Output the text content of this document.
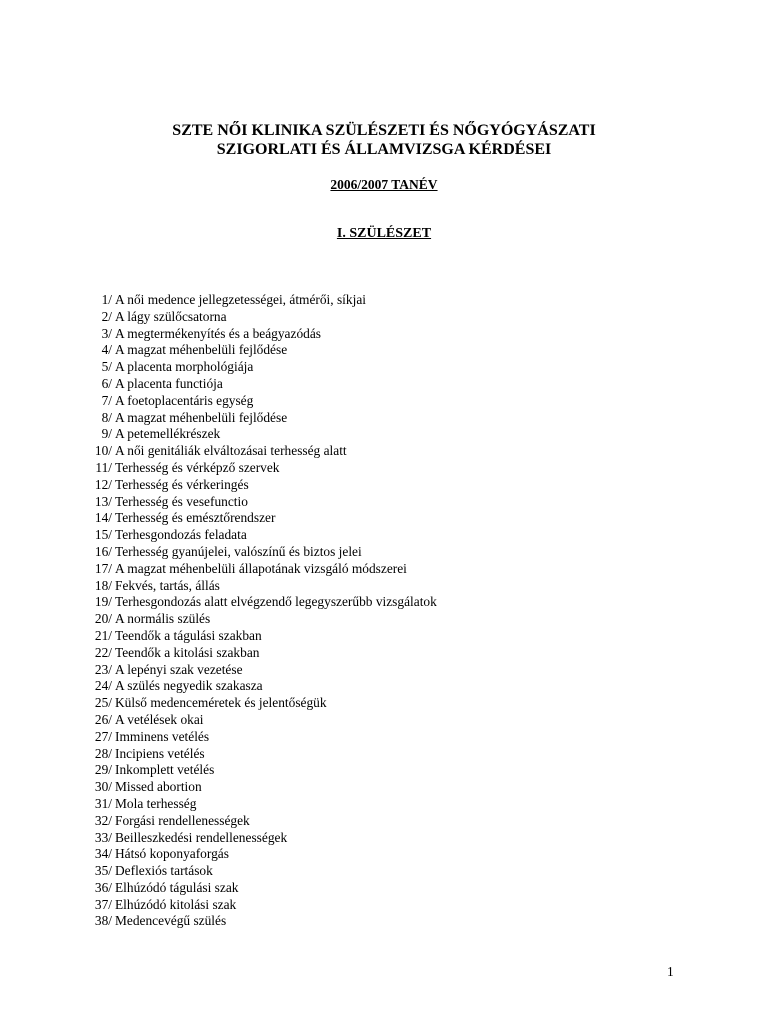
SZTE NŐI KLINIKA SZÜLÉSZETI ÉS NŐGYÓGYÁSZATI
SZIGORLATI ÉS ÁLLAMVIZSGA KÉRDÉSEI
2006/2007 TANÉV
I. SZÜLÉSZET
1/ A női medence jellegzetességei, átmérői, síkjai
2/ A lágy szülőcsatorna
3/ A megtermékenyítés és a beágyazódás
4/ A magzat méhenbelüli fejlődése
5/ A placenta morphológiája
6/ A placenta functiója
7/ A foetoplacentáris egység
8/ A magzat méhenbelüli fejlődése
9/ A petemellékrészek
10/ A női genitáliák elváltozásai terhesség alatt
11/ Terhesség és vérképző szervek
12/ Terhesség és vérkeringés
13/ Terhesség és vesefunctio
14/ Terhesség és emésztőrendszer
15/ Terhesgondozás feladata
16/ Terhesség gyanújelei, valószínű és biztos jelei
17/ A magzat méhenbelüli állapotának vizsgáló módszerei
18/ Fekvés, tartás, állás
19/ Terhesgondozás alatt elvégzendő legegyszerűbb vizsgálatok
20/ A normális szülés
21/ Teendők a tágulási szakban
22/ Teendők a kitolási szakban
23/ A lepényi szak vezetése
24/ A szülés negyedik szakasza
25/ Külső medenceméretek és jelentőségük
26/ A vetélések okai
27/ Imminens vetélés
28/ Incipiens vetélés
29/ Inkomplett vetélés
30/ Missed abortion
31/ Mola terhesség
32/ Forgási rendellenességek
33/ Beilleszkedési rendellenességek
34/ Hátsó koponyaforgás
35/ Deflexiós tartások
36/ Elhúzódó tágulási szak
37/ Elhúzódó kitolási szak
38/ Medencevégű szülés
1
